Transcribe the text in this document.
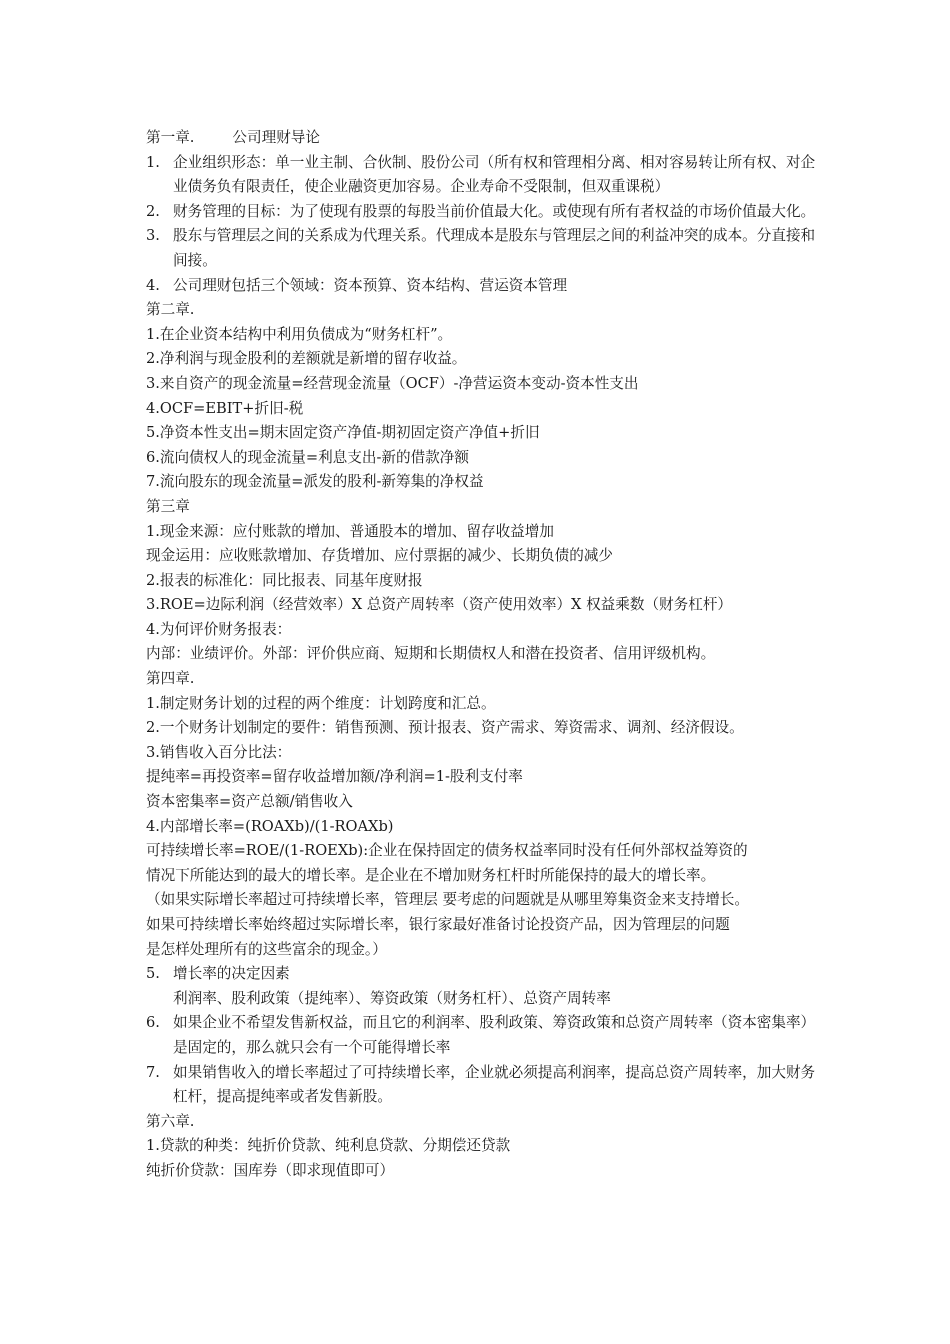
第一章.	公司理财导论
1. 企业组织形态：单一业主制、合伙制、股份公司（所有权和管理相分离、相对容易转让所有权、对企业债务负有限责任，使企业融资更加容易。企业寿命不受限制，但双重课税）
2. 财务管理的目标：为了使现有股票的每股当前价值最大化。或使现有所有者权益的市场价值最大化。
3. 股东与管理层之间的关系成为代理关系。代理成本是股东与管理层之间的利益冲突的成本。分直接和间接。
4. 公司理财包括三个领域：资本预算、资本结构、营运资本管理
第二章.
1.在企业资本结构中利用负债成为“财务杠杆”。
2.净利润与现金股利的差额就是新增的留存收益。
3.来自资产的现金流量=经营现金流量（OCF）-净营运资本变动-资本性支出
4.OCF=EBIT+折旧-税
5.净资本性支出=期末固定资产净值-期初固定资产净值+折旧
6.流向债权人的现金流量=利息支出-新的借款净额
7.流向股东的现金流量=派发的股利-新筹集的净权益
第三章
1.现金来源：应付账款的增加、普通股本的增加、留存收益增加
现金运用：应收账款增加、存货增加、应付票据的减少、长期负债的减少
2.报表的标准化：同比报表、同基年度财报
3.ROE=边际利润（经营效率）X 总资产周转率（资产使用效率）X 权益乘数（财务杠杆）
4.为何评价财务报表：
内部：业绩评价。外部：评价供应商、短期和长期债权人和潜在投资者、信用评级机构。
第四章.
1.制定财务计划的过程的两个维度：计划跨度和汇总。
2.一个财务计划制定的要件：销售预测、预计报表、资产需求、筹资需求、调剂、经济假设。
3.销售收入百分比法：
提纯率=再投资率=留存收益增加额/净利润=1-股利支付率
资本密集率=资产总额/销售收入
4.内部增长率=(ROAXb)/(1-ROAXb)
可持续增长率=ROE/(1-ROEXb):企业在保持固定的债务权益率同时没有任何外部权益筹资的
情况下所能达到的最大的增长率。是企业在不增加财务杠杆时所能保持的最大的增长率。
（如果实际增长率超过可持续增长率，管理层 要考虑的问题就是从哪里筹集资金来支持增长。
如果可持续增长率始终超过实际增长率，银行家最好准备讨论投资产品，因为管理层的问题
是怎样处理所有的这些富余的现金。）
5. 增长率的决定因素
利润率、股利政策（提纯率）、筹资政策（财务杠杆）、总资产周转率
6. 如果企业不希望发售新权益，而且它的利润率、股利政策、筹资政策和总资产周转率（资本密集率）是固定的，那么就只会有一个可能得增长率
7. 如果销售收入的增长率超过了可持续增长率，企业就必须提高利润率，提高总资产周转率，加大财务杠杆，提高提纯率或者发售新股。
第六章.
1.贷款的种类：纯折价贷款、纯利息贷款、分期偿还贷款
纯折价贷款：国库券（即求现值即可）
